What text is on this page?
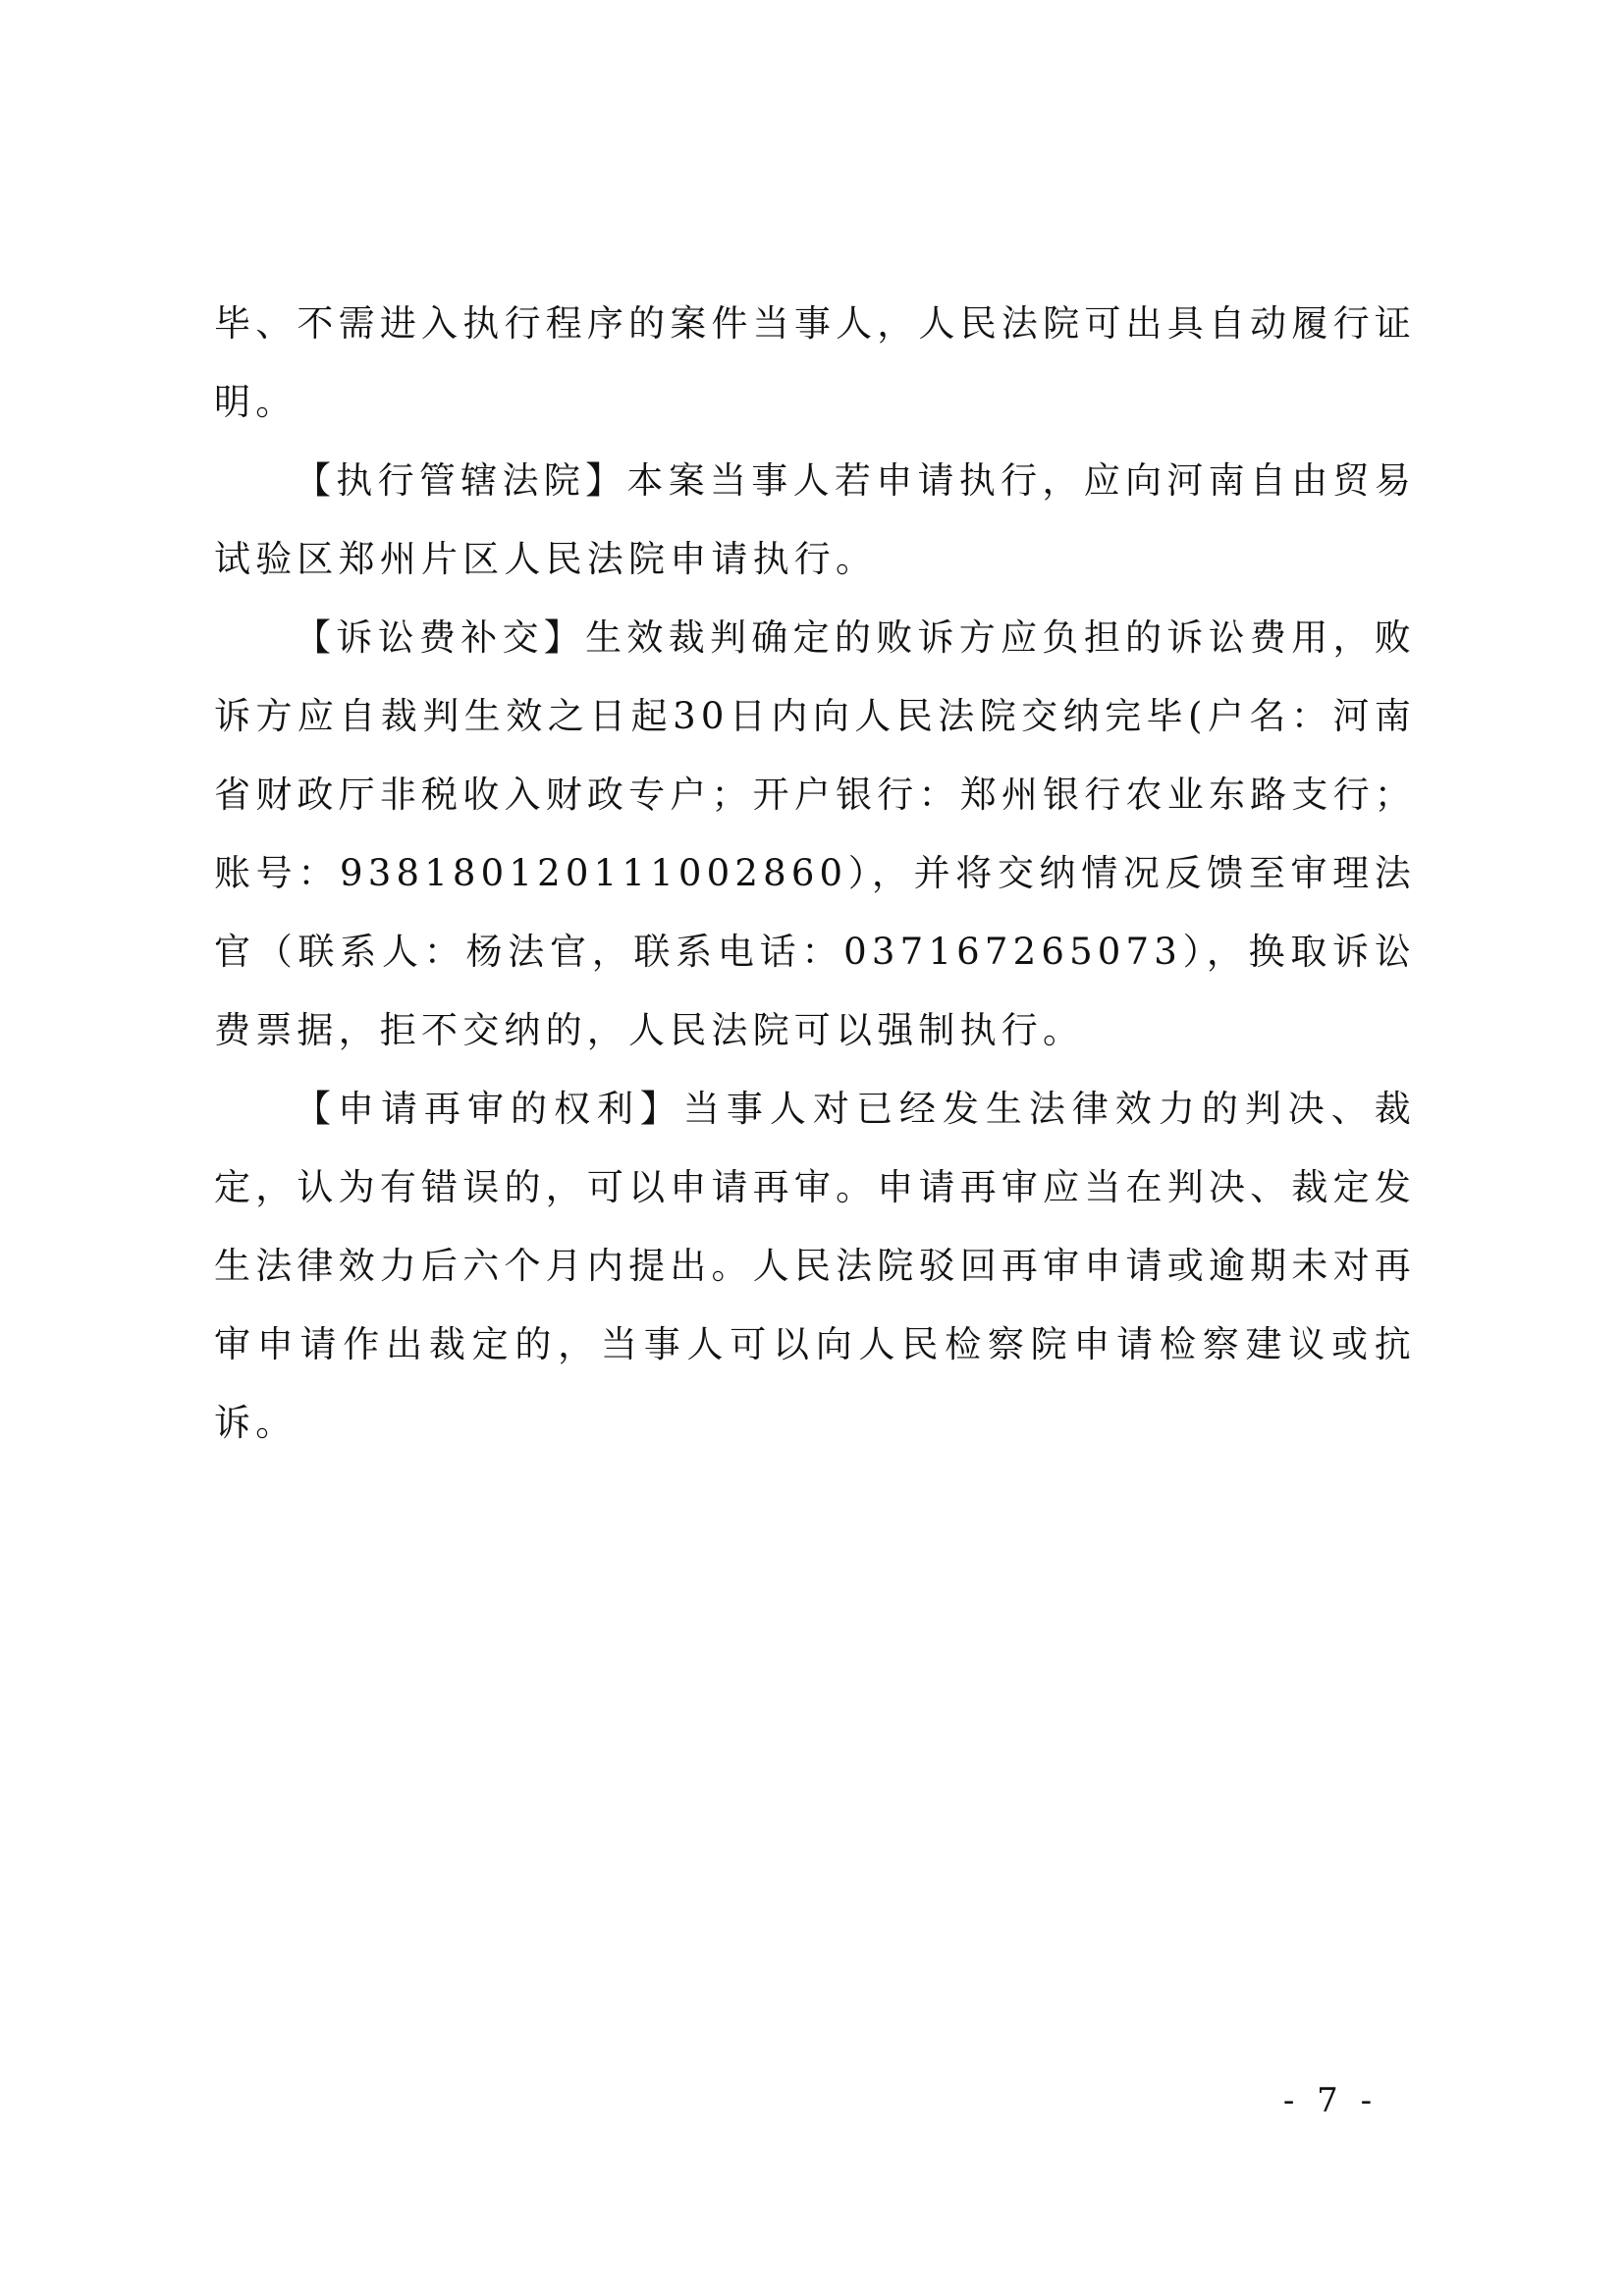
毕、不需进入执行程序的案件当事人，人民法院可出具自动履行证明。

【执行管辖法院】本案当事人若申请执行，应向河南自由贸易试验区郑州片区人民法院申请执行。

【诉讼费补交】生效裁判确定的败诉方应负担的诉讼费用，败诉方应自裁判生效之日起30日内向人民法院交纳完毕(户名：河南省财政厅非税收入财政专户；开户银行：郑州银行农业东路支行；账号：938180120111002860），并将交纳情况反馈至审理法官（联系人：杨法官，联系电话：037167265073），换取诉讼费票据，拒不交纳的，人民法院可以强制执行。

【申请再审的权利】当事人对已经发生法律效力的判决、裁定，认为有错误的，可以申请再审。申请再审应当在判决、裁定发生法律效力后六个月内提出。人民法院驳回再审申请或逾期未对再审申请作出裁定的，当事人可以向人民检察院申请检察建议或抗诉。

- 7 -
